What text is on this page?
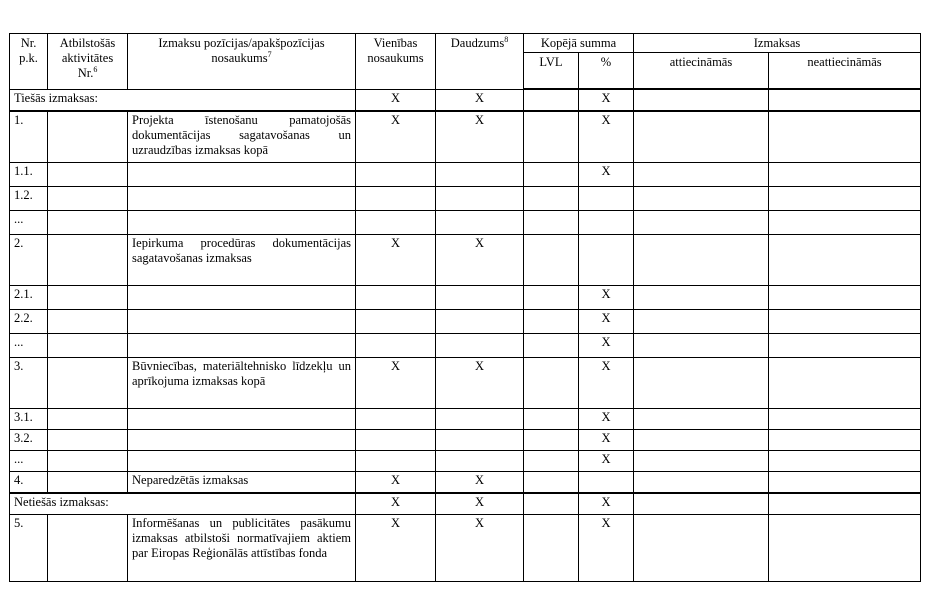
Nr. p.k.	Atbilstošās aktivitātes Nr.$^6$	Izmaksu pozīcijas/apakšpozīcijas nosaukums$^7$	Vienības nosaukums	Daudzums$^8$	Kopējā summa		Izmaksas	
					LVL	%	attiecināmās	neattiecināmās
Tiešās izmaksas:			X	X		X		
1.		Projekta īstenošanu pamatojošās dokumentācijas sagatavošanas un uzraudzības izmaksas kopā	X	X		X		
1.1.						X		
1.2.								
...								
2.		Iepirkuma procedūras dokumentācijas sagatavošanas izmaksas	X	X				
2.1.						X		
2.2.						X		
...						X		
3.		Būvniecības, materiāltehnisko līdzekļu un aprīkojuma izmaksas kopā	X	X		X		
3.1.						X		
3.2.						X		
...						X		
4.		Neparedzētās izmaksas	X	X				
Netiešās izmaksas:			X	X		X		
5.		Informēšanas un publicitātes pasākumu izmaksas atbilstoši normatīvajiem aktiem par Eiropas Reģionālās attīstības fonda	X	X		X		
